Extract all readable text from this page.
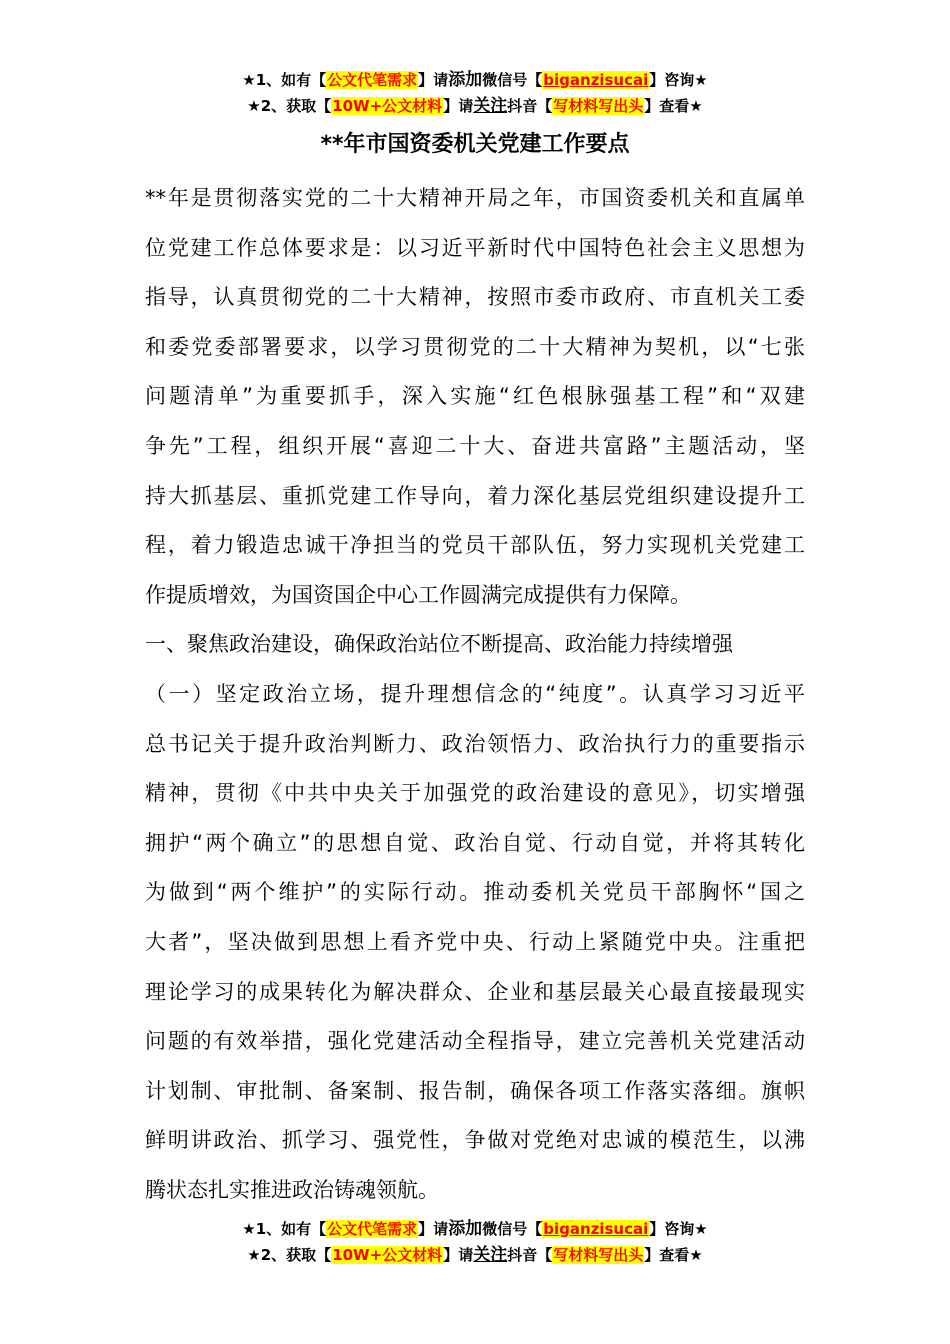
★1、如有【公文代笔需求】请添加微信号【biganzisucai】咨询★
★2、获取【10W+公文材料】请关注抖音【写材料写出头】查看★
**年市国资委机关党建工作要点
**年是贯彻落实党的二十大精神开局之年，市国资委机关和直属单
位党建工作总体要求是：以习近平新时代中国特色社会主义思想为
指导，认真贯彻党的二十大精神，按照市委市政府、市直机关工委
和委党委部署要求，以学习贯彻党的二十大精神为契机，以“七张
问题清单”为重要抓手，深入实施“红色根脉强基工程”和“双建
争先”工程，组织开展“喜迎二十大、奋进共富路”主题活动，坚
持大抓基层、重抓党建工作导向，着力深化基层党组织建设提升工
程，着力锻造忠诚干净担当的党员干部队伍，努力实现机关党建工
作提质增效，为国资国企中心工作圆满完成提供有力保障。
一、聚焦政治建设，确保政治站位不断提高、政治能力持续增强
（一）坚定政治立场，提升理想信念的“纯度”。认真学习习近平
总书记关于提升政治判断力、政治领悟力、政治执行力的重要指示
精神，贯彻《中共中央关于加强党的政治建设的意见》，切实增强
拥护“两个确立”的思想自觉、政治自觉、行动自觉，并将其转化
为做到“两个维护”的实际行动。推动委机关党员干部胸怀“国之
大者”，坚决做到思想上看齐党中央、行动上紧随党中央。注重把
理论学习的成果转化为解决群众、企业和基层最关心最直接最现实
问题的有效举措，强化党建活动全程指导，建立完善机关党建活动
计划制、审批制、备案制、报告制，确保各项工作落实落细。旗帜
鲜明讲政治、抓学习、强党性，争做对党绝对忠诚的模范生，以沸
腾状态扎实推进政治铸魂领航。
★1、如有【公文代笔需求】请添加微信号【biganzisucai】咨询★
★2、获取【10W+公文材料】请关注抖音【写材料写出头】查看★
